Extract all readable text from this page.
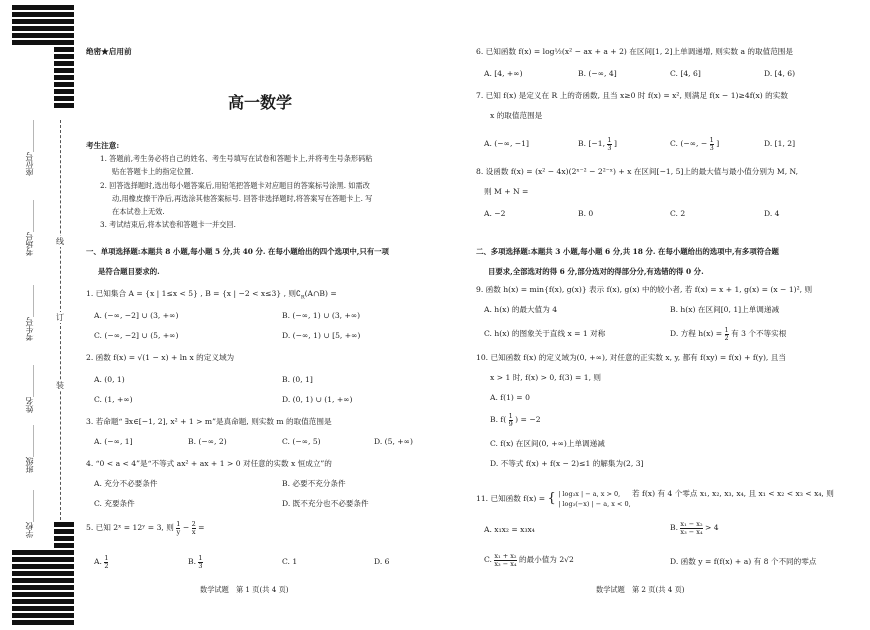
座位号________
考场号________
考生号________
姓名________
班级________
学校________
线
订
装
绝密★启用前
高一数学
考生注意:
1. 答题前,考生务必将自己的姓名、考生号填写在试卷和答题卡上,并将考生号条形码粘
贴在答题卡上的指定位置.
2. 回答选择题时,选出每小题答案后,用铅笔把答题卡对应题目的答案标号涂黑. 如需改
动,用橡皮擦干净后,再选涂其他答案标号. 回答非选择题时,将答案写在答题卡上. 写
在本试卷上无效.
3. 考试结束后,将本试卷和答题卡一并交回.
一、单项选择题:本题共 8 小题,每小题 5 分,共 40 分. 在每小题给出的四个选项中,只有一项
是符合题目要求的.
1. 已知集合 A = {x | 1≤x < 5} , B = {x | −2 < x≤3} , 则$∁_R(A\cap B)$ =
A. (−∞, −2] ∪ (3, +∞)	B. (−∞, 1) ∪ (3, +∞)
C. (−∞, −2] ∪ (5, +∞)	D. (−∞, 1) ∪ [5, +∞)
2. 函数 f(x) = √(1 − x) + ln x 的定义域为
A. (0, 1)	B. (0, 1]
C. (1, +∞)	D. (0, 1) ∪ (1, +∞)
3. 若命题“ ∃x∈[−1, 2], x² + 1 > m”是真命题, 则实数 m 的取值范围是
A. (−∞, 1]	B. (−∞, 2)	C. (−∞, 5)	D. (5, +∞)
4. “0 < a < 4”是“不等式 ax² + ax + 1 > 0 对任意的实数 x 恒成立”的
A. 充分不必要条件	B. 必要不充分条件
C. 充要条件	D. 既不充分也不必要条件
5. 已知 2ˣ = 12ʸ = 3, 则 $\frac{1}{y} - \frac{2}{x}$ =
A. $\frac{1}{2}$	B. $\frac{1}{3}$	C. 1	D. 6
数学试题　第 1 页(共 4 页)
6. 已知函数 f(x) = log½(x² − ax + a + 2) 在区间[1, 2]上单调递增, 则实数 a 的取值范围是
A. [4, +∞)	B. (−∞, 4]	C. [4, 6]	D. [4, 6)
7. 已知 f(x) 是定义在 R 上的奇函数, 且当 x≥0 时 f(x) = x², 则满足 f(x − 1)≥4f(x) 的实数
x 的取值范围是
A. (−∞, −1]	B. [−1, $\frac{1}{3}$ ]	C. (−∞, − $\frac{1}{3}$ ]	D. [1, 2]
8. 设函数 f(x) = (x² − 4x)(2ˣ⁻² − 2²⁻ˣ) + x 在区间[−1, 5]上的最大值与最小值分别为 M, N,
则 M + N =
A. −2	B. 0	C. 2	D. 4
二、多项选择题:本题共 3 小题,每小题 6 分,共 18 分. 在每小题给出的选项中,有多项符合题
目要求,全部选对的得 6 分,部分选对的得部分分,有选错的得 0 分.
9. 函数 h(x) = min{f(x), g(x)} 表示 f(x), g(x) 中的较小者, 若 f(x) = x + 1, g(x) = (x − 1)², 则
A. h(x) 的最大值为 4	B. h(x) 在区间[0, 1]上单调递减
C. h(x) 的图象关于直线 x = 1 对称	D. 方程 $h(x) = \frac{1}{2}$ 有 3 个不等实根
10. 已知函数 f(x) 的定义域为(0, +∞), 对任意的正实数 x, y, 都有 f(xy) = f(x) + f(y), 且当
x > 1 时, f(x) > 0, f(3) = 1, 则
A. f(1) = 0
B. $f( \frac{1}{9}$ ) = −2
C. f(x) 在区间(0, +∞)上单调递减
D. 不等式 f(x) + f(x − 2)≤1 的解集为(2, 3]
11. 已知函数 f(x) = { | log₃x | − a, x > 0,
| log₃(−x) | − a, x < 0,
若 f(x) 有 4 个零点 x₁, x₂, x₃, x₄, 且 x₁ < x₂ < x₃ < x₄, 则
A. x₁x₂ = x₃x₄	B. $\frac{\text{x₁ − x₂}}{\text{x₃ − x₄}} > 4$
C. $\frac{\text{x₁ + x₂}}{\text{x₃ − x₄}}$ 的最小值为 2√2	D. 函数 y = f(f(x) + a) 有 8 个不同的零点
数学试题　第 2 页(共 4 页)
